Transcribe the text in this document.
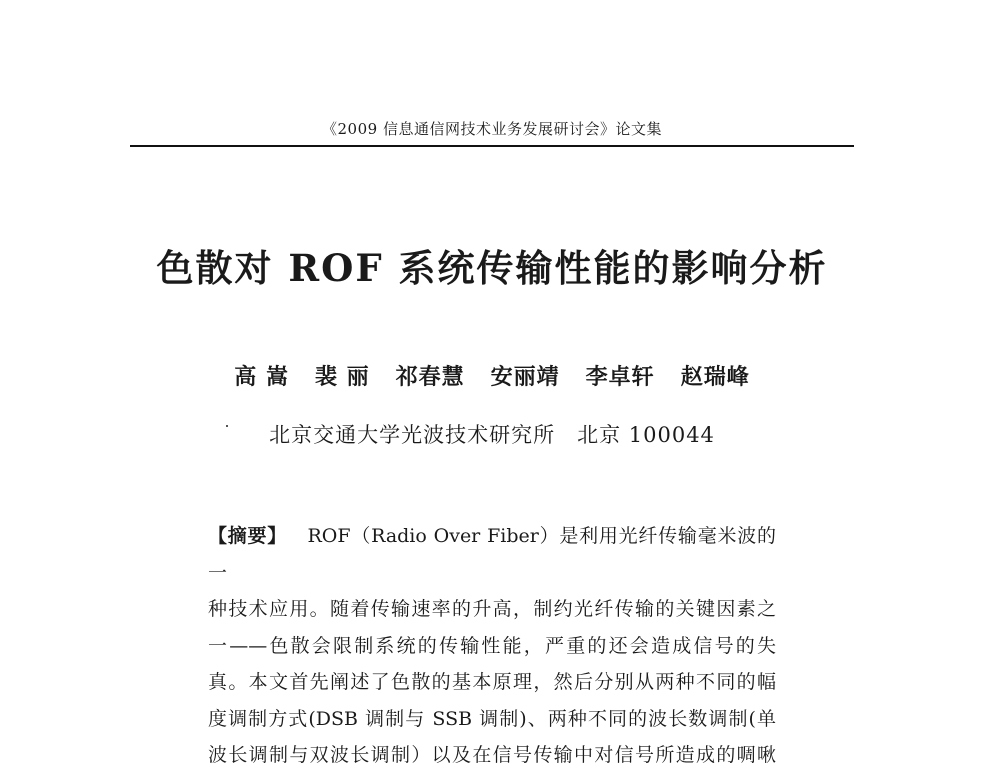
《2009 信息通信网技术业务发展研讨会》论文集
色散对 ROF 系统传输性能的影响分析
高 嵩 裴 丽 祁春慧 安丽靖 李卓轩 赵瑞峰
北京交通大学光波技术研究所　北京 100044
【摘要】 ROF（Radio Over Fiber）是利用光纤传输毫米波的一
种技术应用。随着传输速率的升高，制约光纤传输的关键因素之
一——色散会限制系统的传输性能，严重的还会造成信号的失
真。本文首先阐述了色散的基本原理，然后分别从两种不同的幅
度调制方式(DSB 调制与 SSB 调制)、两种不同的波长数调制(单
波长调制与双波长调制）以及在信号传输中对信号所造成的啁啾
